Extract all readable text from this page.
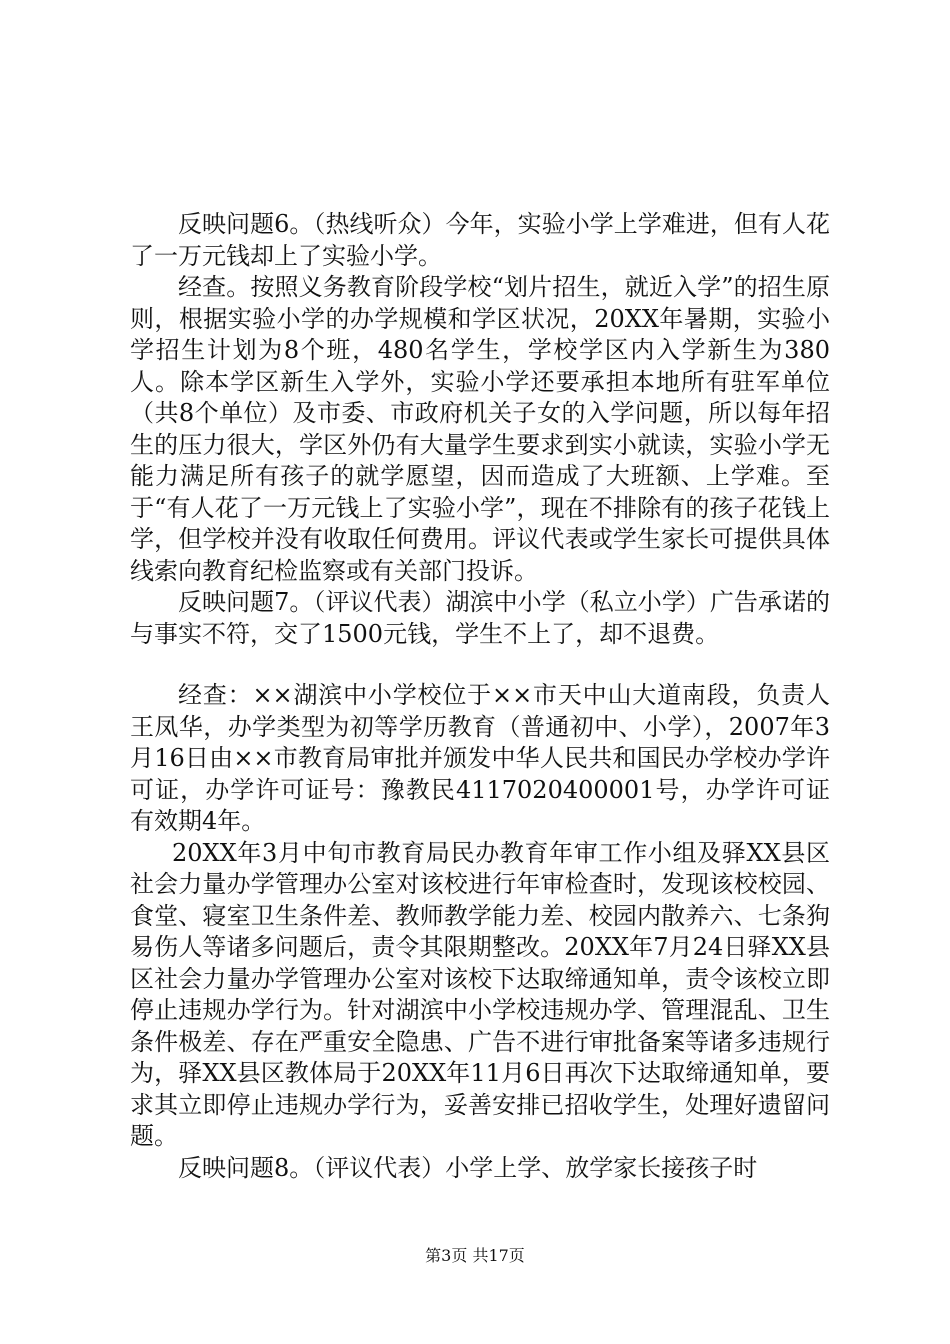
反映问题6。（热线听众）今年，实验小学上学难进，但有人花了一万元钱却上了实验小学。

经查。按照义务教育阶段学校“划片招生，就近入学”的招生原则，根据实验小学的办学规模和学区状况，20XX年暑期，实验小学招生计划为8个班，480名学生，学校学区内入学新生为380人。除本学区新生入学外，实验小学还要承担本地所有驻军单位（共8个单位）及市委、市政府机关子女的入学问题，所以每年招生的压力很大，学区外仍有大量学生要求到实小就读，实验小学无能力满足所有孩子的就学愿望，因而造成了大班额、上学难。至于“有人花了一万元钱上了实验小学”，现在不排除有的孩子花钱上学，但学校并没有收取任何费用。评议代表或学生家长可提供具体线索向教育纪检监察或有关部门投诉。

反映问题7。（评议代表）湖滨中小学（私立小学）广告承诺的与事实不符，交了1500元钱，学生不上了，却不退费。

经查：××湖滨中小学校位于××市天中山大道南段，负责人王凤华，办学类型为初等学历教育（普通初中、小学），2007年3月16日由××市教育局审批并颁发中华人民共和国民办学校办学许可证，办学许可证号：豫教民4117020400001号，办学许可证有效期4年。

20XX年3月中旬市教育局民办教育年审工作小组及驿XX县区社会力量办学管理办公室对该校进行年审检查时，发现该校校园、食堂、寝室卫生条件差、教师教学能力差、校园内散养六、七条狗易伤人等诸多问题后，责令其限期整改。20XX年7月24日驿XX县区社会力量办学管理办公室对该校下达取缔通知单，责令该校立即停止违规办学行为。针对湖滨中小学校违规办学、管理混乱、卫生条件极差、存在严重安全隐患、广告不进行审批备案等诸多违规行为，驿XX县区教体局于20XX年11月6日再次下达取缔通知单，要求其立即停止违规办学行为，妥善安排已招收学生，处理好遗留问题。

反映问题8。（评议代表）小学上学、放学家长接孩子时

第3页 共17页
